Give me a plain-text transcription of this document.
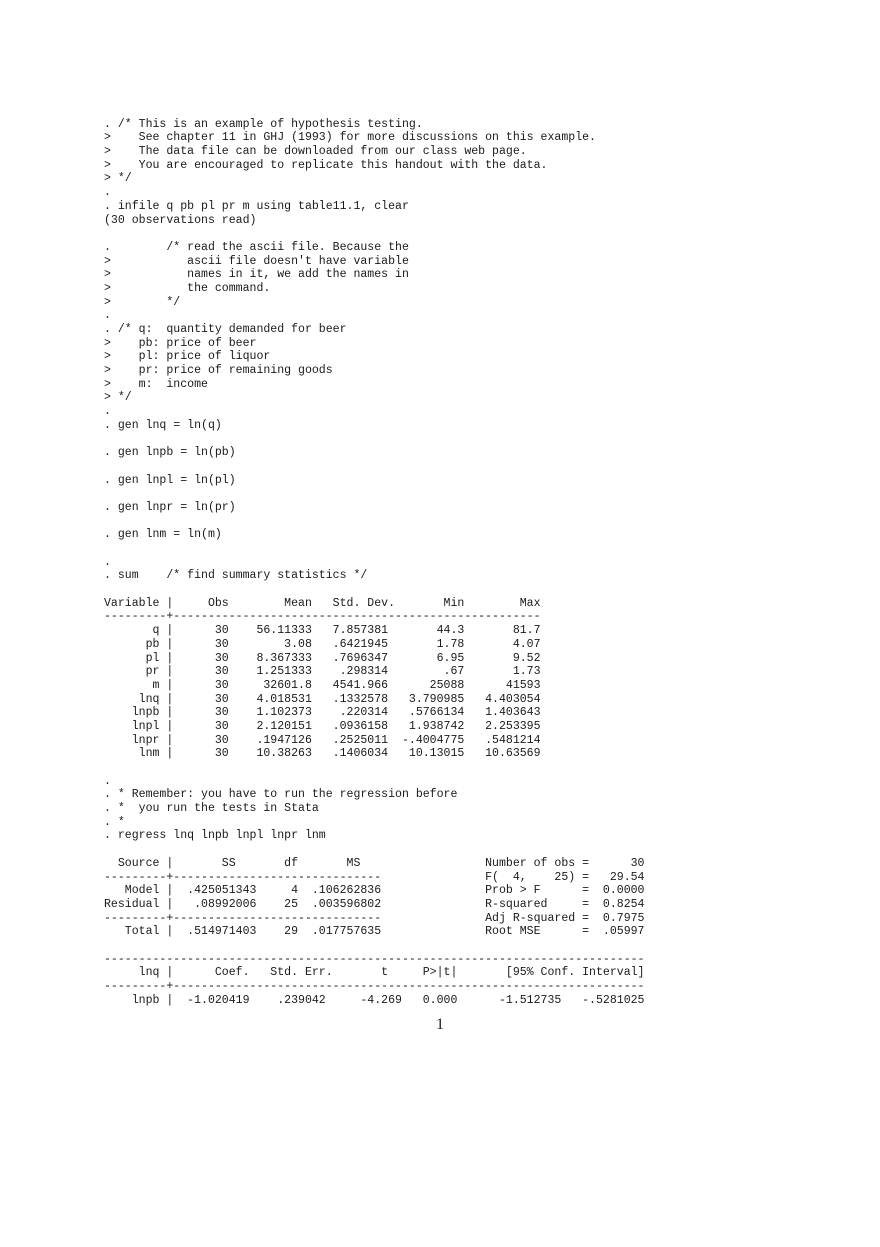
. /* This is an example of hypothesis testing.
>    See chapter 11 in GHJ (1993) for more discussions on this example.
>    The data file can be downloaded from our class web page.
>    You are encouraged to replicate this handout with the data.
> */
.
. infile q pb pl pr m using table11.1, clear
(30 observations read)
.        /* read the ascii file. Because the
>           ascii file doesn't have variable
>           names in it, we add the names in
>           the command.
>        */
.
. /* q:  quantity demanded for beer
>    pb: price of beer
>    pl: price of liquor
>    pr: price of remaining goods
>    m:  income
> */
.
. gen lnq = ln(q)
. gen lnpb = ln(pb)
. gen lnpl = ln(pl)
. gen lnpr = ln(pr)
. gen lnm = ln(m)
.
. sum    /* find summary statistics */
Variable |     Obs        Mean   Std. Dev.       Min        Max
---------+-----------------------------------------------------
q |      30    56.11333   7.857381       44.3       81.7
pb |      30        3.08   .6421945       1.78       4.07
pl |      30    8.367333   .7696347       6.95       9.52
pr |      30    1.251333    .298314        .67       1.73
m |      30     32601.8   4541.966      25088      41593
lnq |      30    4.018531   .1332578   3.790985   4.403054
lnpb |      30    1.102373    .220314   .5766134   1.403643
lnpl |      30    2.120151   .0936158   1.938742   2.253395
lnpr |      30    .1947126   .2525011  -.4004775   .5481214
lnm |      30    10.38263   .1406034   10.13015   10.63569
.
. * Remember: you have to run the regression before
. *  you run the tests in Stata
. *
. regress lnq lnpb lnpl lnpr lnm
Source |       SS       df       MS                  Number of obs =      30
---------+------------------------------               F(  4,    25) =   29.54
Model |  .425051343     4  .106262836               Prob > F      =  0.0000
Residual |   .08992006    25  .003596802               R-squared     =  0.8254
---------+------------------------------               Adj R-squared =  0.7975
Total |  .514971403    29  .017757635               Root MSE      =  .05997
------------------------------------------------------------------------------
lnq |      Coef.   Std. Err.       t     P>|t|       [95% Conf. Interval]
---------+--------------------------------------------------------------------
lnpb |  -1.020419    .239042     -4.269   0.000      -1.512735   -.5281025
1
